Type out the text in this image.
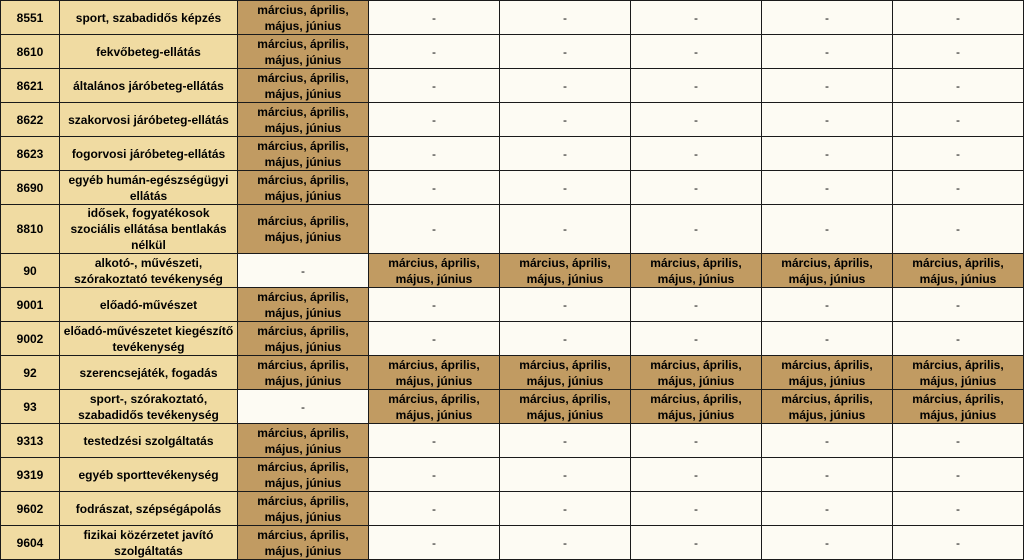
8551	sport, szabadidős képzés	március, április, május, június	-	-	-	-	-
8610	fekvőbeteg-ellátás	március, április, május, június	-	-	-	-	-
8621	általános járóbeteg-ellátás	március, április, május, június	-	-	-	-	-
8622	szakorvosi járóbeteg-ellátás	március, április, május, június	-	-	-	-	-
8623	fogorvosi járóbeteg-ellátás	március, április, május, június	-	-	-	-	-
8690	egyéb humán-egészségügyi ellátás	március, április, május, június	-	-	-	-	-
8810	idősek, fogyatékosok szociális ellátása bentlakás nélkül	március, április, május, június	-	-	-	-	-
90	alkotó-, művészeti, szórakoztató tevékenység	-	március, április, május, június	március, április, május, június	március, április, május, június	március, április, május, június	március, április, május, június
9001	előadó-művészet	március, április, május, június	-	-	-	-	-
9002	előadó-művészetet kiegészítő tevékenység	március, április, május, június	-	-	-	-	-
92	szerencsejáték, fogadás	március, április, május, június	március, április, május, június	március, április, május, június	március, április, május, június	március, április, május, június	március, április, május, június
93	sport-, szórakoztató, szabadidős tevékenység	-	március, április, május, június	március, április, május, június	március, április, május, június	március, április, május, június	március, április, május, június
9313	testedzési szolgáltatás	március, április, május, június	-	-	-	-	-
9319	egyéb sporttevékenység	március, április, május, június	-	-	-	-	-
9602	fodrászat, szépségápolás	március, április, május, június	-	-	-	-	-
9604	fizikai közérzetet javító szolgáltatás	március, április, május, június	-	-	-	-	-
